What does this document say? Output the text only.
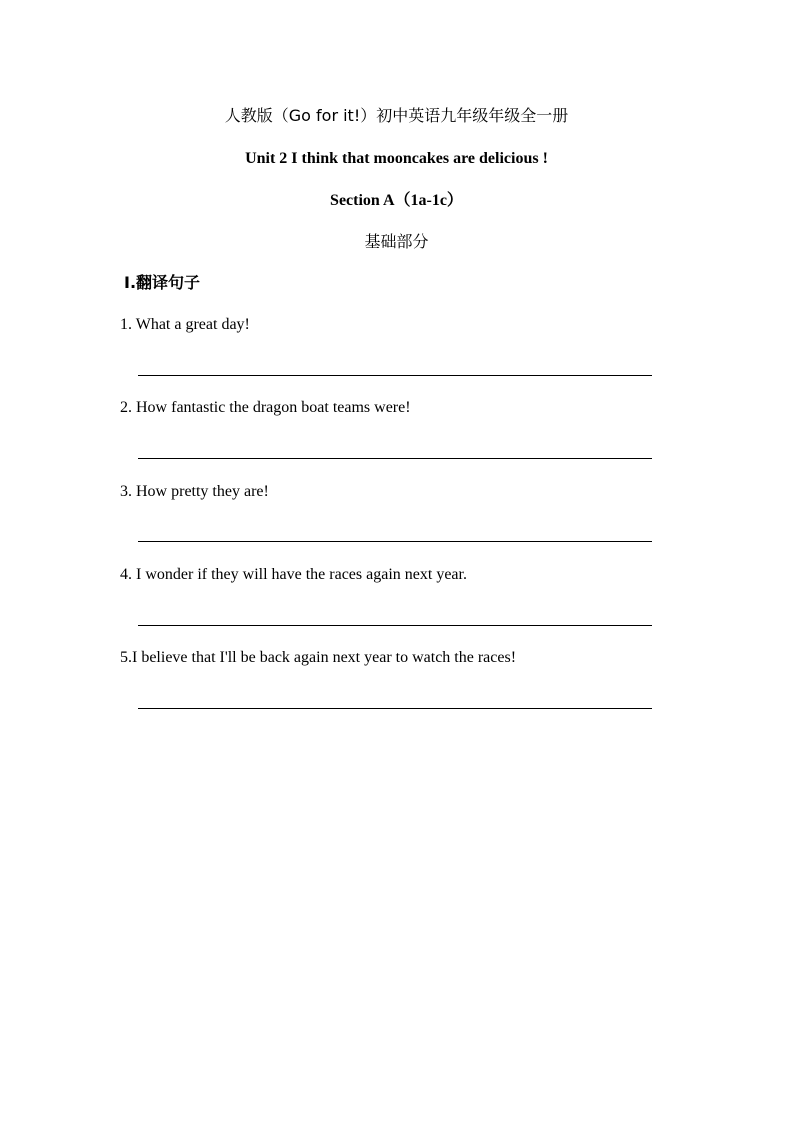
人教版（Go for it!）初中英语九年级年级全一册
Unit 2 I think that mooncakes are delicious !
Section A（1a-1c）
基础部分

Ⅰ.翻译句子

1. What a great day!

2. How fantastic the dragon boat teams were!

3. How pretty they are!

4. I wonder if they will have the races again next year.

5.I believe that I'll be back again next year to watch the races!
